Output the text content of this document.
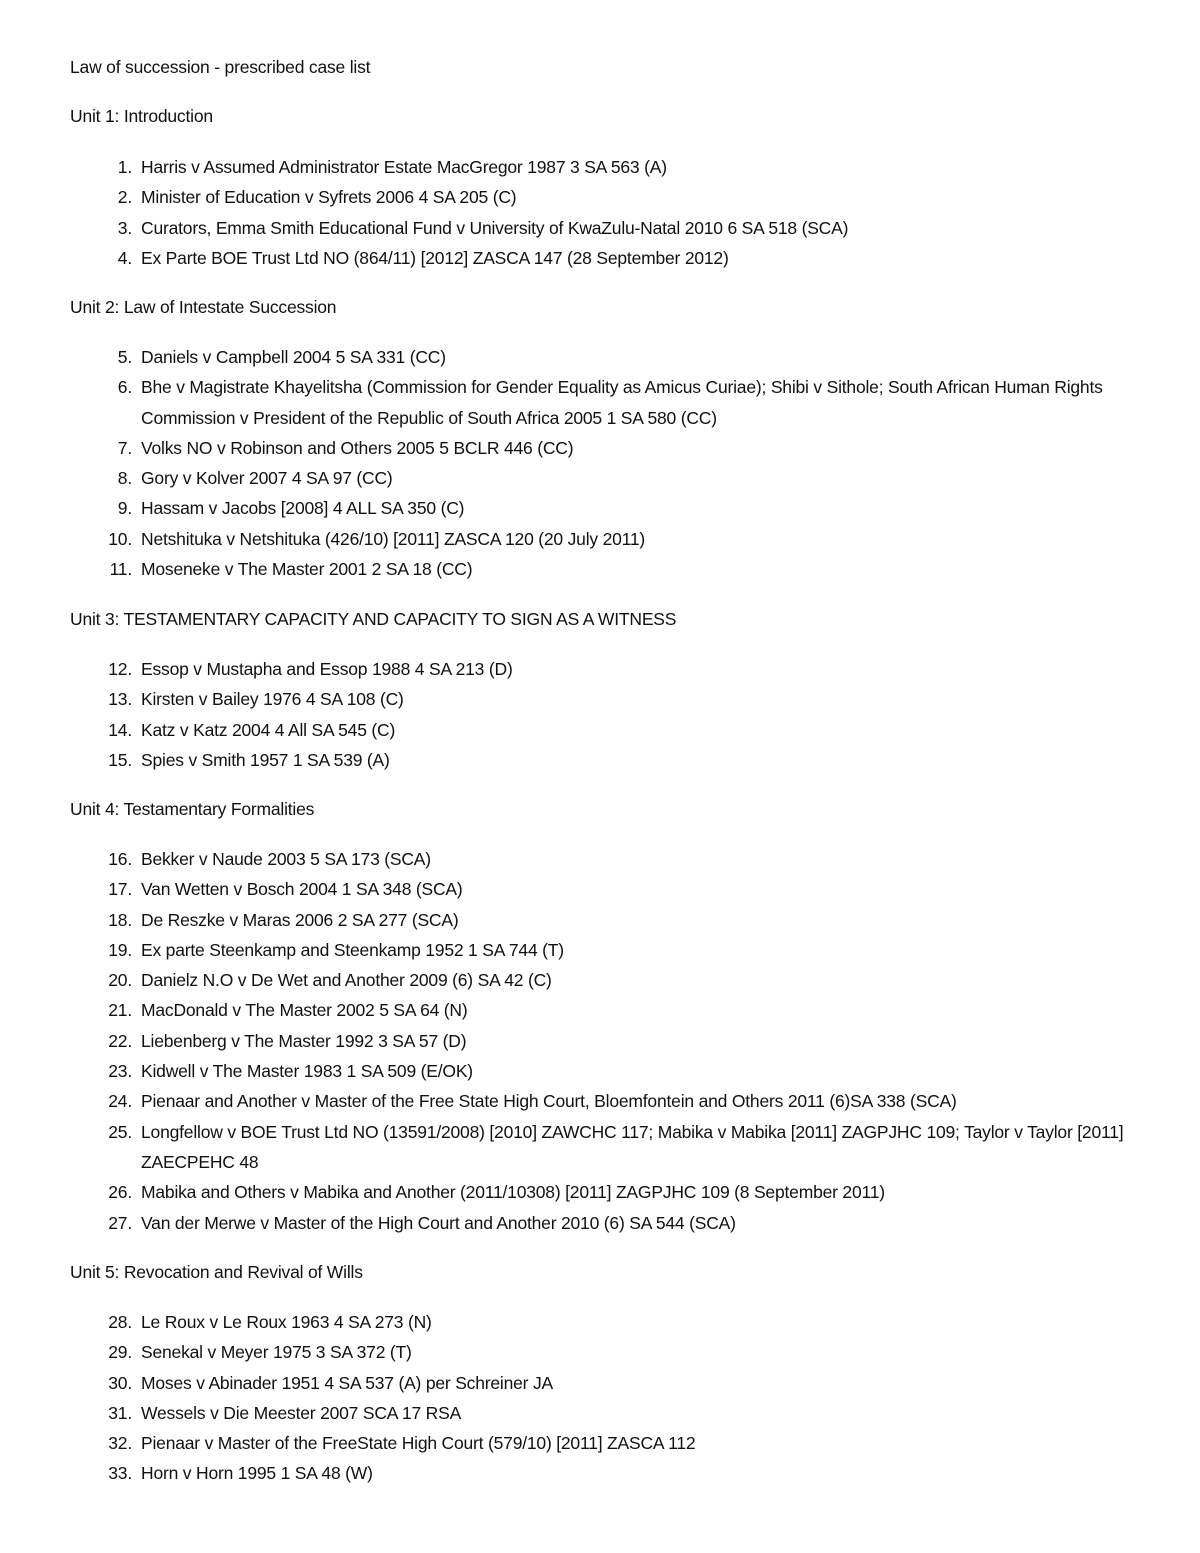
Law of succession - prescribed case list
Unit 1: Introduction
1. Harris v Assumed Administrator Estate MacGregor 1987 3 SA 563 (A)
2. Minister of Education v Syfrets 2006 4 SA 205 (C)
3. Curators, Emma Smith Educational Fund v University of KwaZulu-Natal 2010 6 SA 518 (SCA)
4. Ex Parte BOE Trust Ltd NO (864/11) [2012] ZASCA 147 (28 September 2012)
Unit 2: Law of Intestate Succession
5. Daniels v Campbell 2004 5 SA 331 (CC)
6. Bhe v Magistrate Khayelitsha (Commission for Gender Equality as Amicus Curiae); Shibi v Sithole; South African Human Rights Commission v President of the Republic of South Africa 2005 1 SA 580 (CC)
7. Volks NO v Robinson and Others 2005 5 BCLR 446 (CC)
8. Gory v Kolver 2007 4 SA 97 (CC)
9. Hassam v Jacobs [2008] 4 ALL SA 350 (C)
10. Netshituka v Netshituka (426/10) [2011] ZASCA 120 (20 July 2011)
11. Moseneke v The Master 2001 2 SA 18 (CC)
Unit 3: TESTAMENTARY CAPACITY AND CAPACITY TO SIGN AS A WITNESS
12. Essop v Mustapha and Essop 1988 4 SA 213 (D)
13. Kirsten v Bailey 1976 4 SA 108 (C)
14. Katz v Katz 2004 4 All SA 545 (C)
15. Spies v Smith 1957 1 SA 539 (A)
Unit 4: Testamentary Formalities
16. Bekker v Naude 2003 5 SA 173 (SCA)
17. Van Wetten v Bosch 2004 1 SA 348 (SCA)
18. De Reszke v Maras 2006 2 SA 277 (SCA)
19. Ex parte Steenkamp and Steenkamp 1952 1 SA 744 (T)
20. Danielz N.O v De Wet and Another 2009 (6) SA 42 (C)
21. MacDonald v The Master 2002 5 SA 64 (N)
22. Liebenberg v The Master 1992 3 SA 57 (D)
23. Kidwell v The Master 1983 1 SA 509 (E/OK)
24. Pienaar and Another v Master of the Free State High Court, Bloemfontein and Others 2011 (6)SA 338 (SCA)
25. Longfellow v BOE Trust Ltd NO (13591/2008) [2010] ZAWCHC 117; Mabika v Mabika [2011] ZAGPJHC 109; Taylor v Taylor [2011] ZAECPEHC 48
26. Mabika and Others v Mabika and Another (2011/10308) [2011] ZAGPJHC 109 (8 September 2011)
27. Van der Merwe v Master of the High Court and Another 2010 (6) SA 544 (SCA)
Unit 5: Revocation and Revival of Wills
28. Le Roux v Le Roux 1963 4 SA 273 (N)
29. Senekal v Meyer 1975 3 SA 372 (T)
30. Moses v Abinader 1951 4 SA 537 (A) per Schreiner JA
31. Wessels v Die Meester 2007 SCA 17 RSA
32. Pienaar v Master of the FreeState High Court (579/10) [2011] ZASCA 112
33. Horn v Horn 1995 1 SA 48 (W)
